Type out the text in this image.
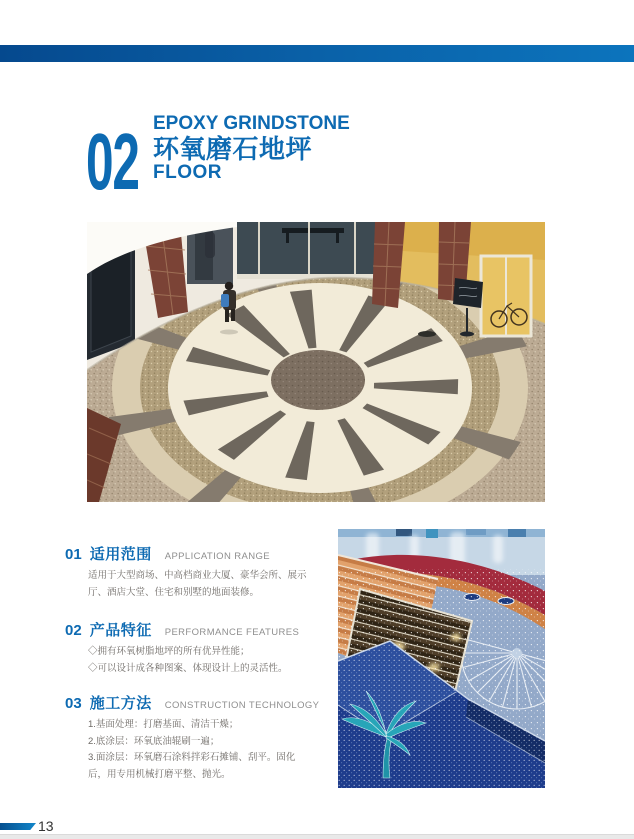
02 EPOXY GRINDSTONE
环氧磨石地坪
FLOOR
01 适用范围 APPLICATION RANGE
适用于大型商场、中高档商业大厦、豪华会所、展示厅、酒店大堂、住宅和别墅的地面装修。
02 产品特征 PERFORMANCE FEATURES
◇拥有环氧树脂地坪的所有优异性能；
◇可以设计成各种图案、体现设计上的灵活性。
03 施工方法 CONSTRUCTION TECHNOLOGY
1.基面处理：打磨基面、清洁干燥；
2.底涂层：环氧底油辊刷一遍；
3.面涂层：环氧磨石涂料拌彩石摊铺、刮平。固化后，用专用机械打磨平整、抛光。
13
